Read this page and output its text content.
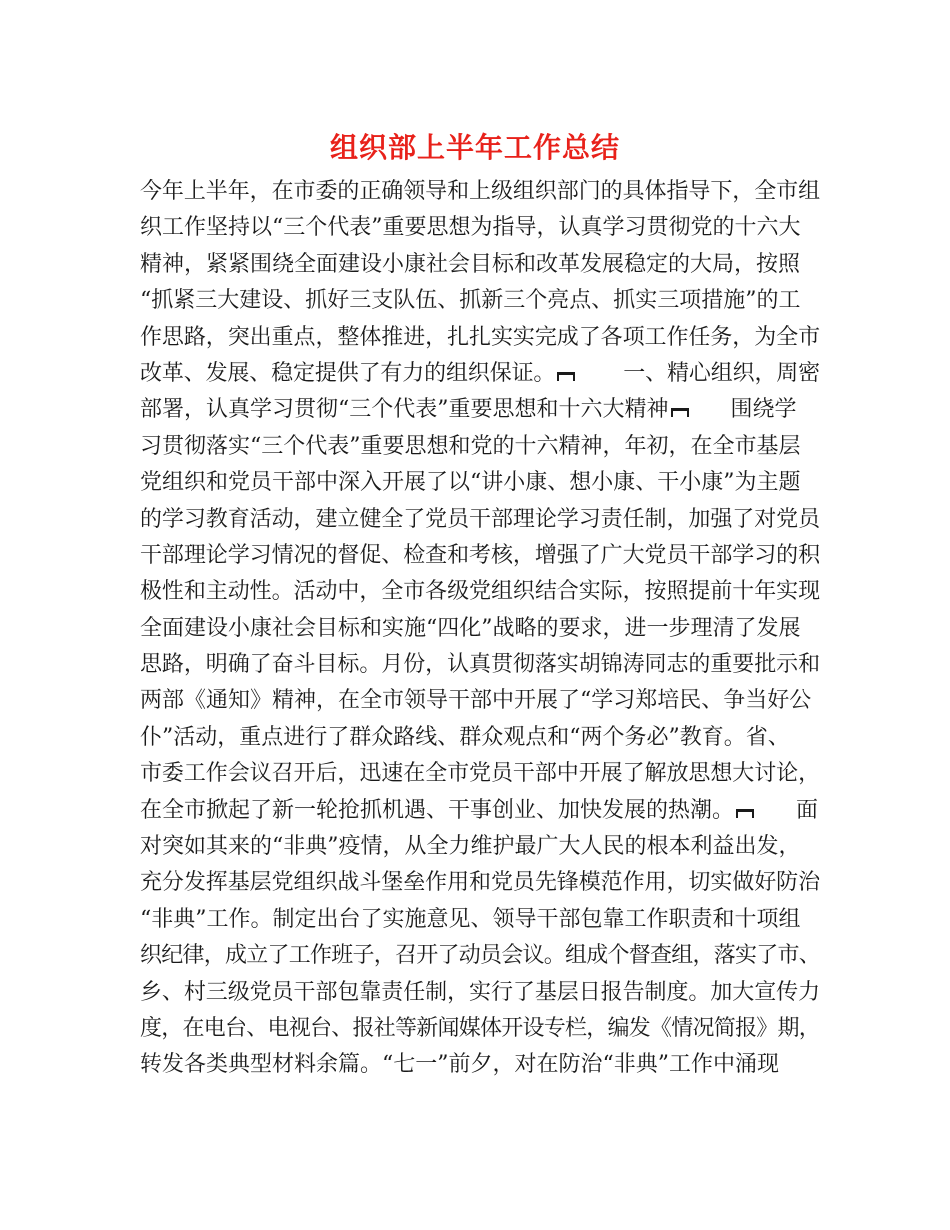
组织部上半年工作总结
今年上半年，在市委的正确领导和上级组织部门的具体指导下，全市组
织工作坚持以“三个代表”重要思想为指导，认真学习贯彻党的十六大
精神，紧紧围绕全面建设小康社会目标和改革发展稳定的大局，按照
“抓紧三大建设、抓好三支队伍、抓新三个亮点、抓实三项措施”的工
作思路，突出重点，整体推进，扎扎实实完成了各项工作任务，为全市
改革、发展、稳定提供了有力的组织保证。	一、精心组织，周密
部署，认真学习贯彻“三个代表”重要思想和十六大精神	围绕学
习贯彻落实“三个代表”重要思想和党的十六精神，年初，在全市基层
党组织和党员干部中深入开展了以“讲小康、想小康、干小康”为主题
的学习教育活动，建立健全了党员干部理论学习责任制，加强了对党员
干部理论学习情况的督促、检查和考核，增强了广大党员干部学习的积
极性和主动性。活动中，全市各级党组织结合实际，按照提前十年实现
全面建设小康社会目标和实施“四化”战略的要求，进一步理清了发展
思路，明确了奋斗目标。月份，认真贯彻落实胡锦涛同志的重要批示和
两部《通知》精神，在全市领导干部中开展了“学习郑培民、争当好公
仆”活动，重点进行了群众路线、群众观点和“两个务必”教育。省、
市委工作会议召开后，迅速在全市党员干部中开展了解放思想大讨论，
在全市掀起了新一轮抢抓机遇、干事创业、加快发展的热潮。	面
对突如其来的“非典”疫情，从全力维护最广大人民的根本利益出发，
充分发挥基层党组织战斗堡垒作用和党员先锋模范作用，切实做好防治
“非典”工作。制定出台了实施意见、领导干部包靠工作职责和十项组
织纪律，成立了工作班子，召开了动员会议。组成个督查组，落实了市、
乡、村三级党员干部包靠责任制，实行了基层日报告制度。加大宣传力
度，在电台、电视台、报社等新闻媒体开设专栏，编发《情况简报》期，
转发各类典型材料余篇。“七一”前夕，对在防治“非典”工作中涌现
